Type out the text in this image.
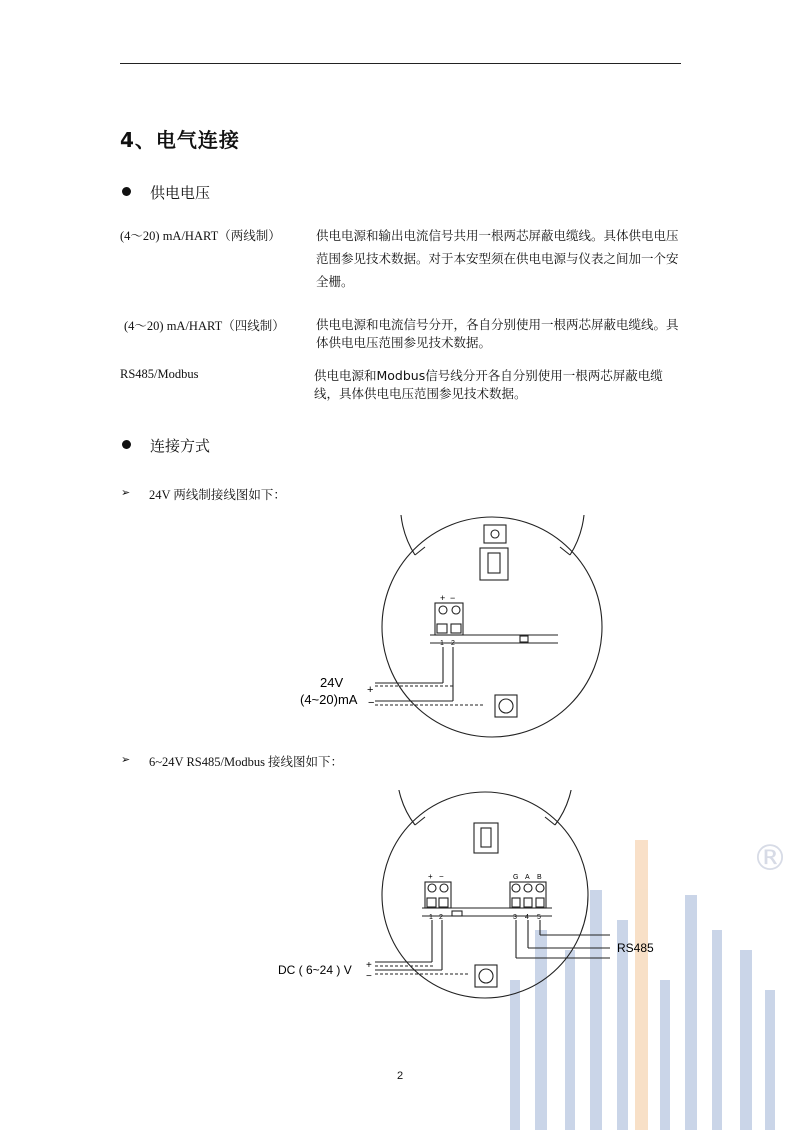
®
4、电气连接
供电电压
(4～20) mA/HART（两线制）	供电电源和输出电流信号共用一根两芯屏蔽电缆线。具体供电电压范围参见技术数据。对于本安型须在供电电源与仪表之间加一个安全栅。
(4～20) mA/HART（四线制）	供电电源和电流信号分开，各自分别使用一根两芯屏蔽电缆线。具体供电电压范围参见技术数据。
RS485/Modbus	供电电源和Modbus信号线分开各自分别使用一根两芯屏蔽电缆线，具体供电电压范围参见技术数据。
连接方式
➢ 24V 两线制接线图如下：
+ −
1 2
24V
(4~20)mA
+
−
➢ 6~24V RS485/Modbus 接线图如下：
+ −
1 2
G A B
3 4 5
DC ( 6~24 ) V +
−
RS485
2
